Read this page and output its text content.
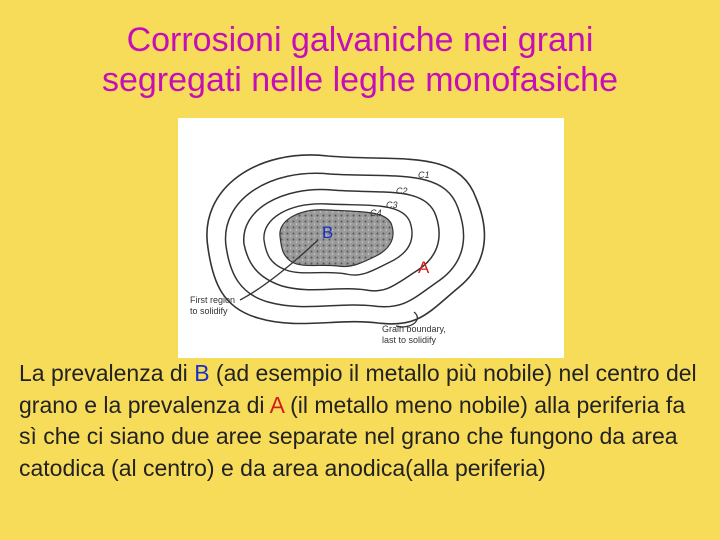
Corrosioni galvaniche nei grani
segregati nelle leghe monofasiche
C1
C2
C3
C4
B
A
First region
to solidify
Grain boundary,
last to solidify
La prevalenza di B (ad esempio il metallo più nobile) nel centro del grano e la prevalenza di A (il metallo meno nobile) alla periferia fa sì che ci siano due aree separate nel grano che fungono da area catodica (al centro) e da area anodica(alla periferia)
